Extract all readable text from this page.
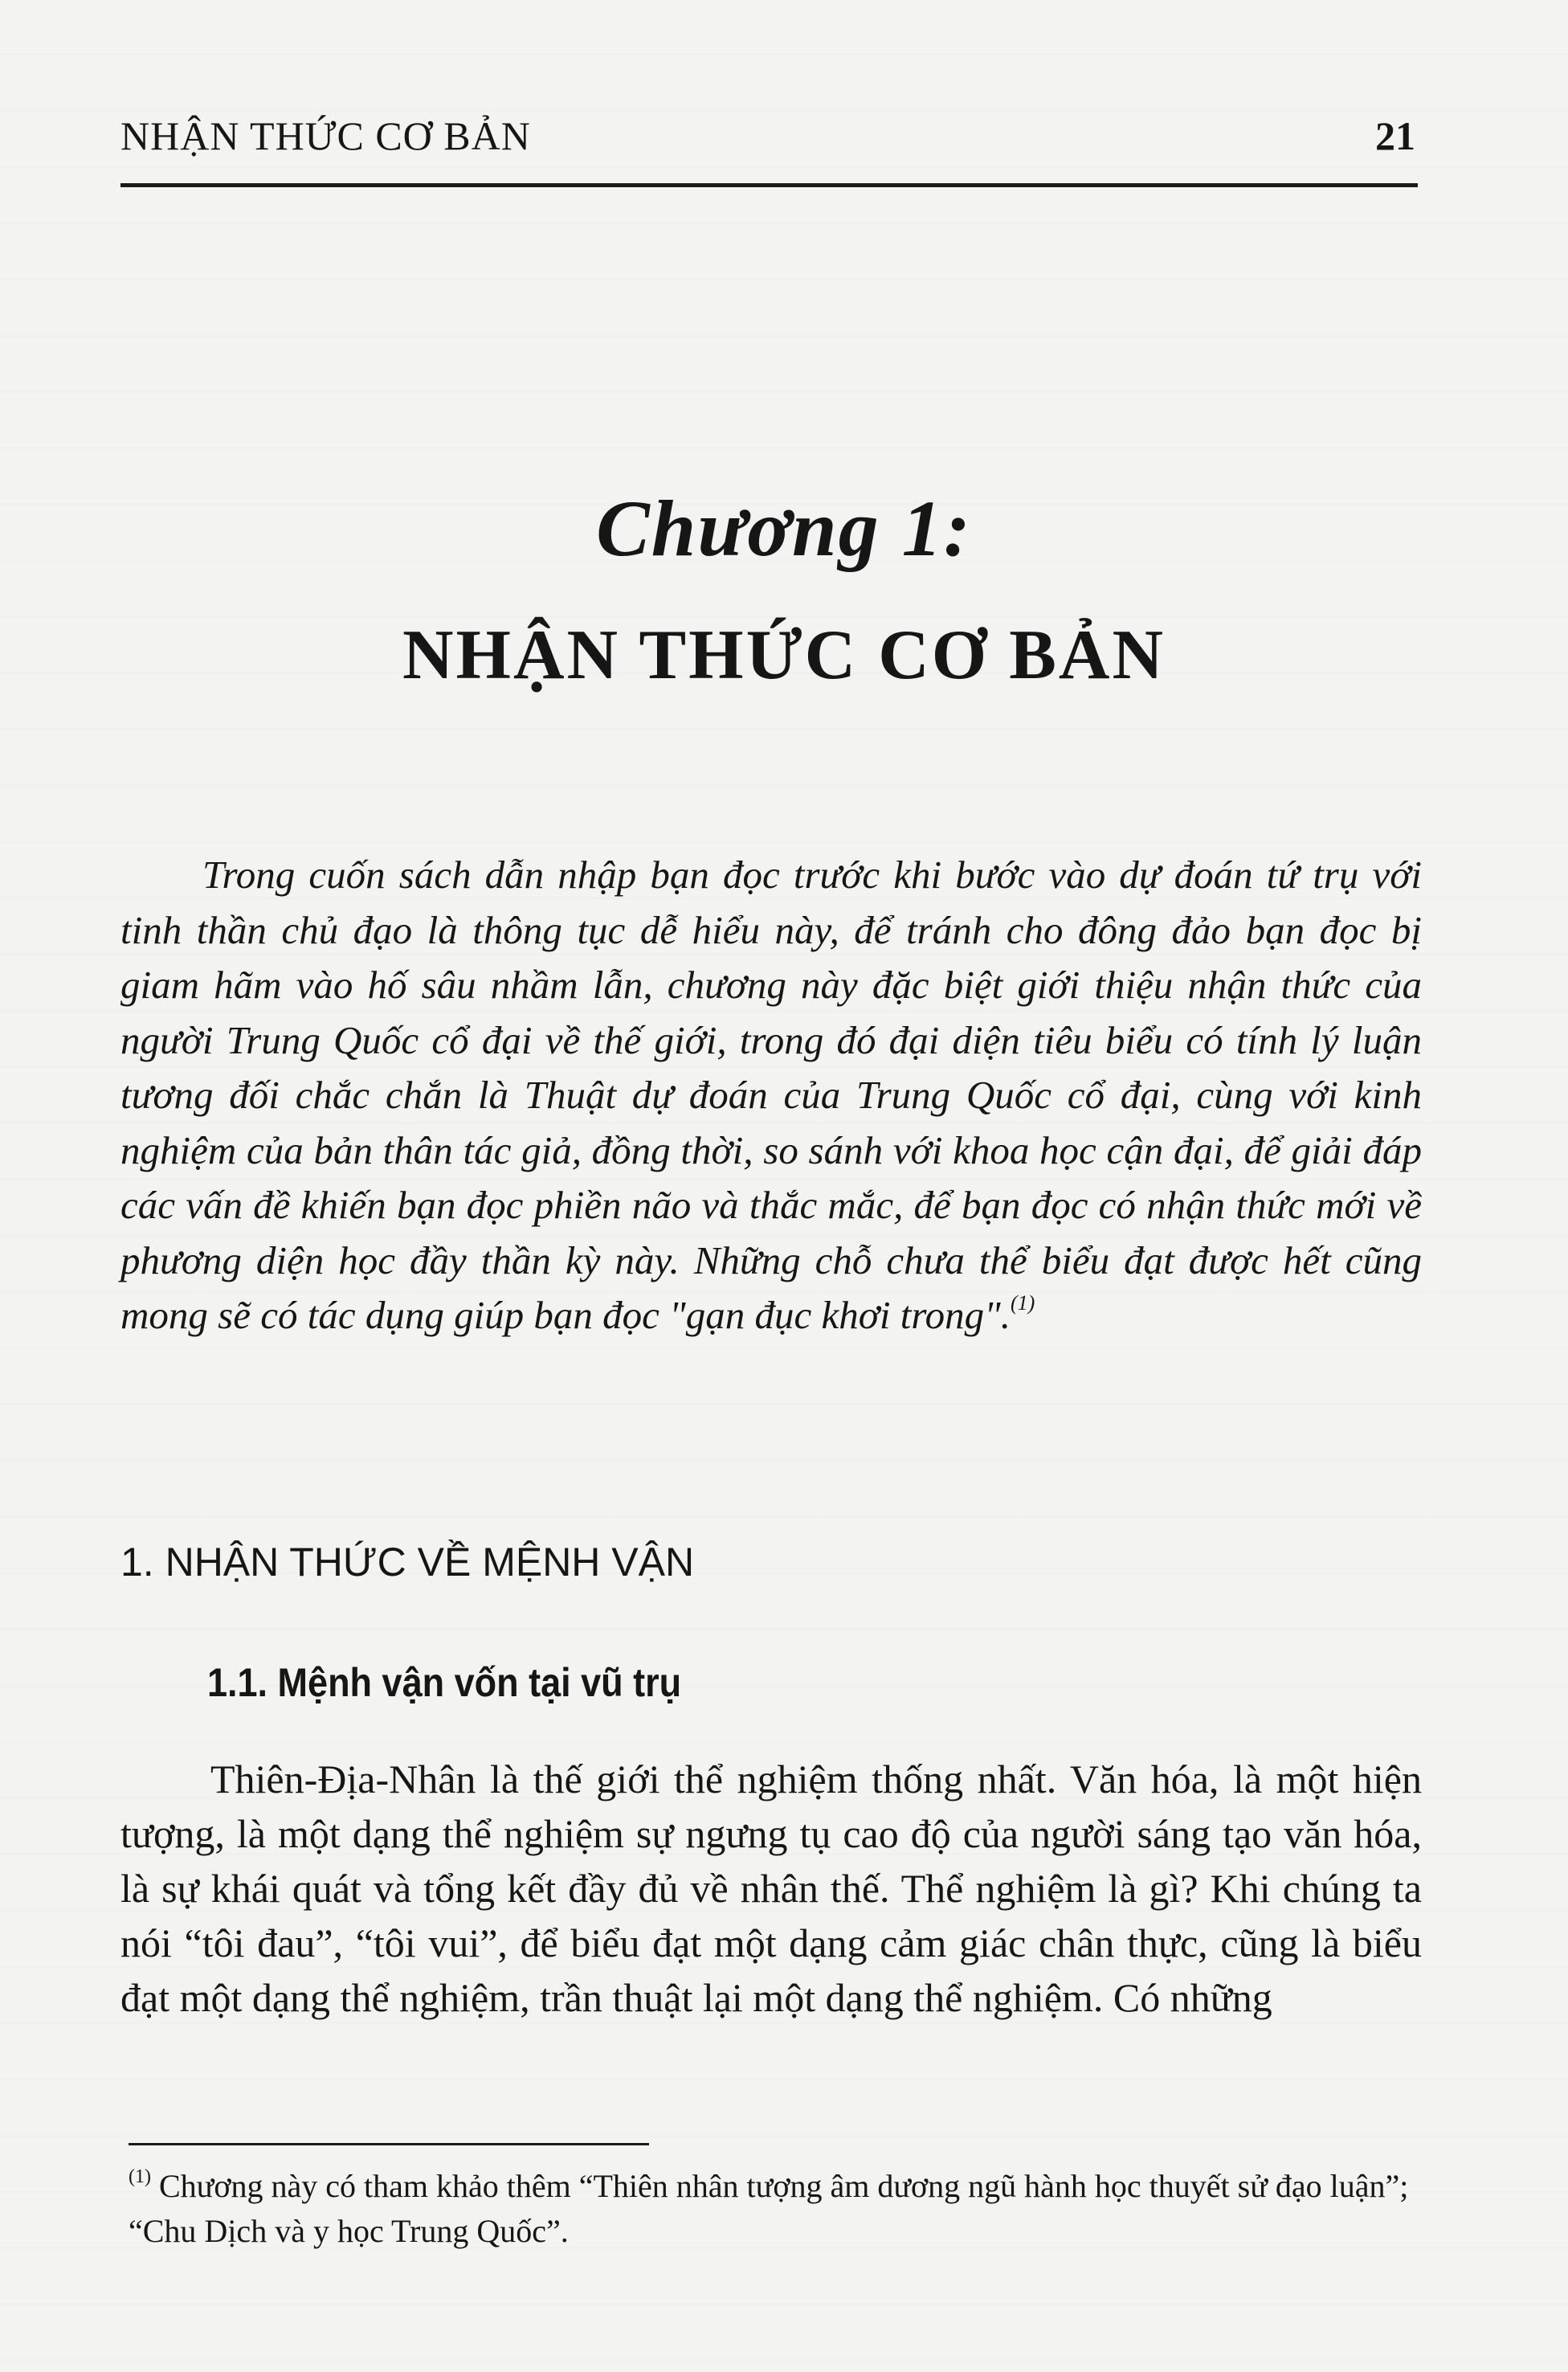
NHẬN THỨC CƠ BẢN	21
Chương 1:
NHẬN THỨC CƠ BẢN

Trong cuốn sách dẫn nhập bạn đọc trước khi bước vào dự đoán tứ trụ với tinh thần chủ đạo là thông tục dễ hiểu này, để tránh cho đông đảo bạn đọc bị giam hãm vào hố sâu nhầm lẫn, chương này đặc biệt giới thiệu nhận thức của người Trung Quốc cổ đại về thế giới, trong đó đại diện tiêu biểu có tính lý luận tương đối chắc chắn là Thuật dự đoán của Trung Quốc cổ đại, cùng với kinh nghiệm của bản thân tác giả, đồng thời, so sánh với khoa học cận đại, để giải đáp các vấn đề khiến bạn đọc phiền não và thắc mắc, để bạn đọc có nhận thức mới về phương diện học đầy thần kỳ này. Những chỗ chưa thể biểu đạt được hết cũng mong sẽ có tác dụng giúp bạn đọc "gạn đục khơi trong".$^{(1)}$

1. NHẬN THỨC VỀ MỆNH VẬN
1.1. Mệnh vận vốn tại vũ trụ

Thiên-Địa-Nhân là thế giới thể nghiệm thống nhất. Văn hóa, là một hiện tượng, là một dạng thể nghiệm sự ngưng tụ cao độ của người sáng tạo văn hóa, là sự khái quát và tổng kết đầy đủ về nhân thế. Thể nghiệm là gì? Khi chúng ta nói “tôi đau”, “tôi vui”, để biểu đạt một dạng cảm giác chân thực, cũng là biểu đạt một dạng thể nghiệm, trần thuật lại một dạng thể nghiệm. Có những

$^{(1)}$ Chương này có tham khảo thêm “Thiên nhân tượng âm dương ngũ hành học thuyết sử đạo luận”; “Chu Dịch và y học Trung Quốc”.
